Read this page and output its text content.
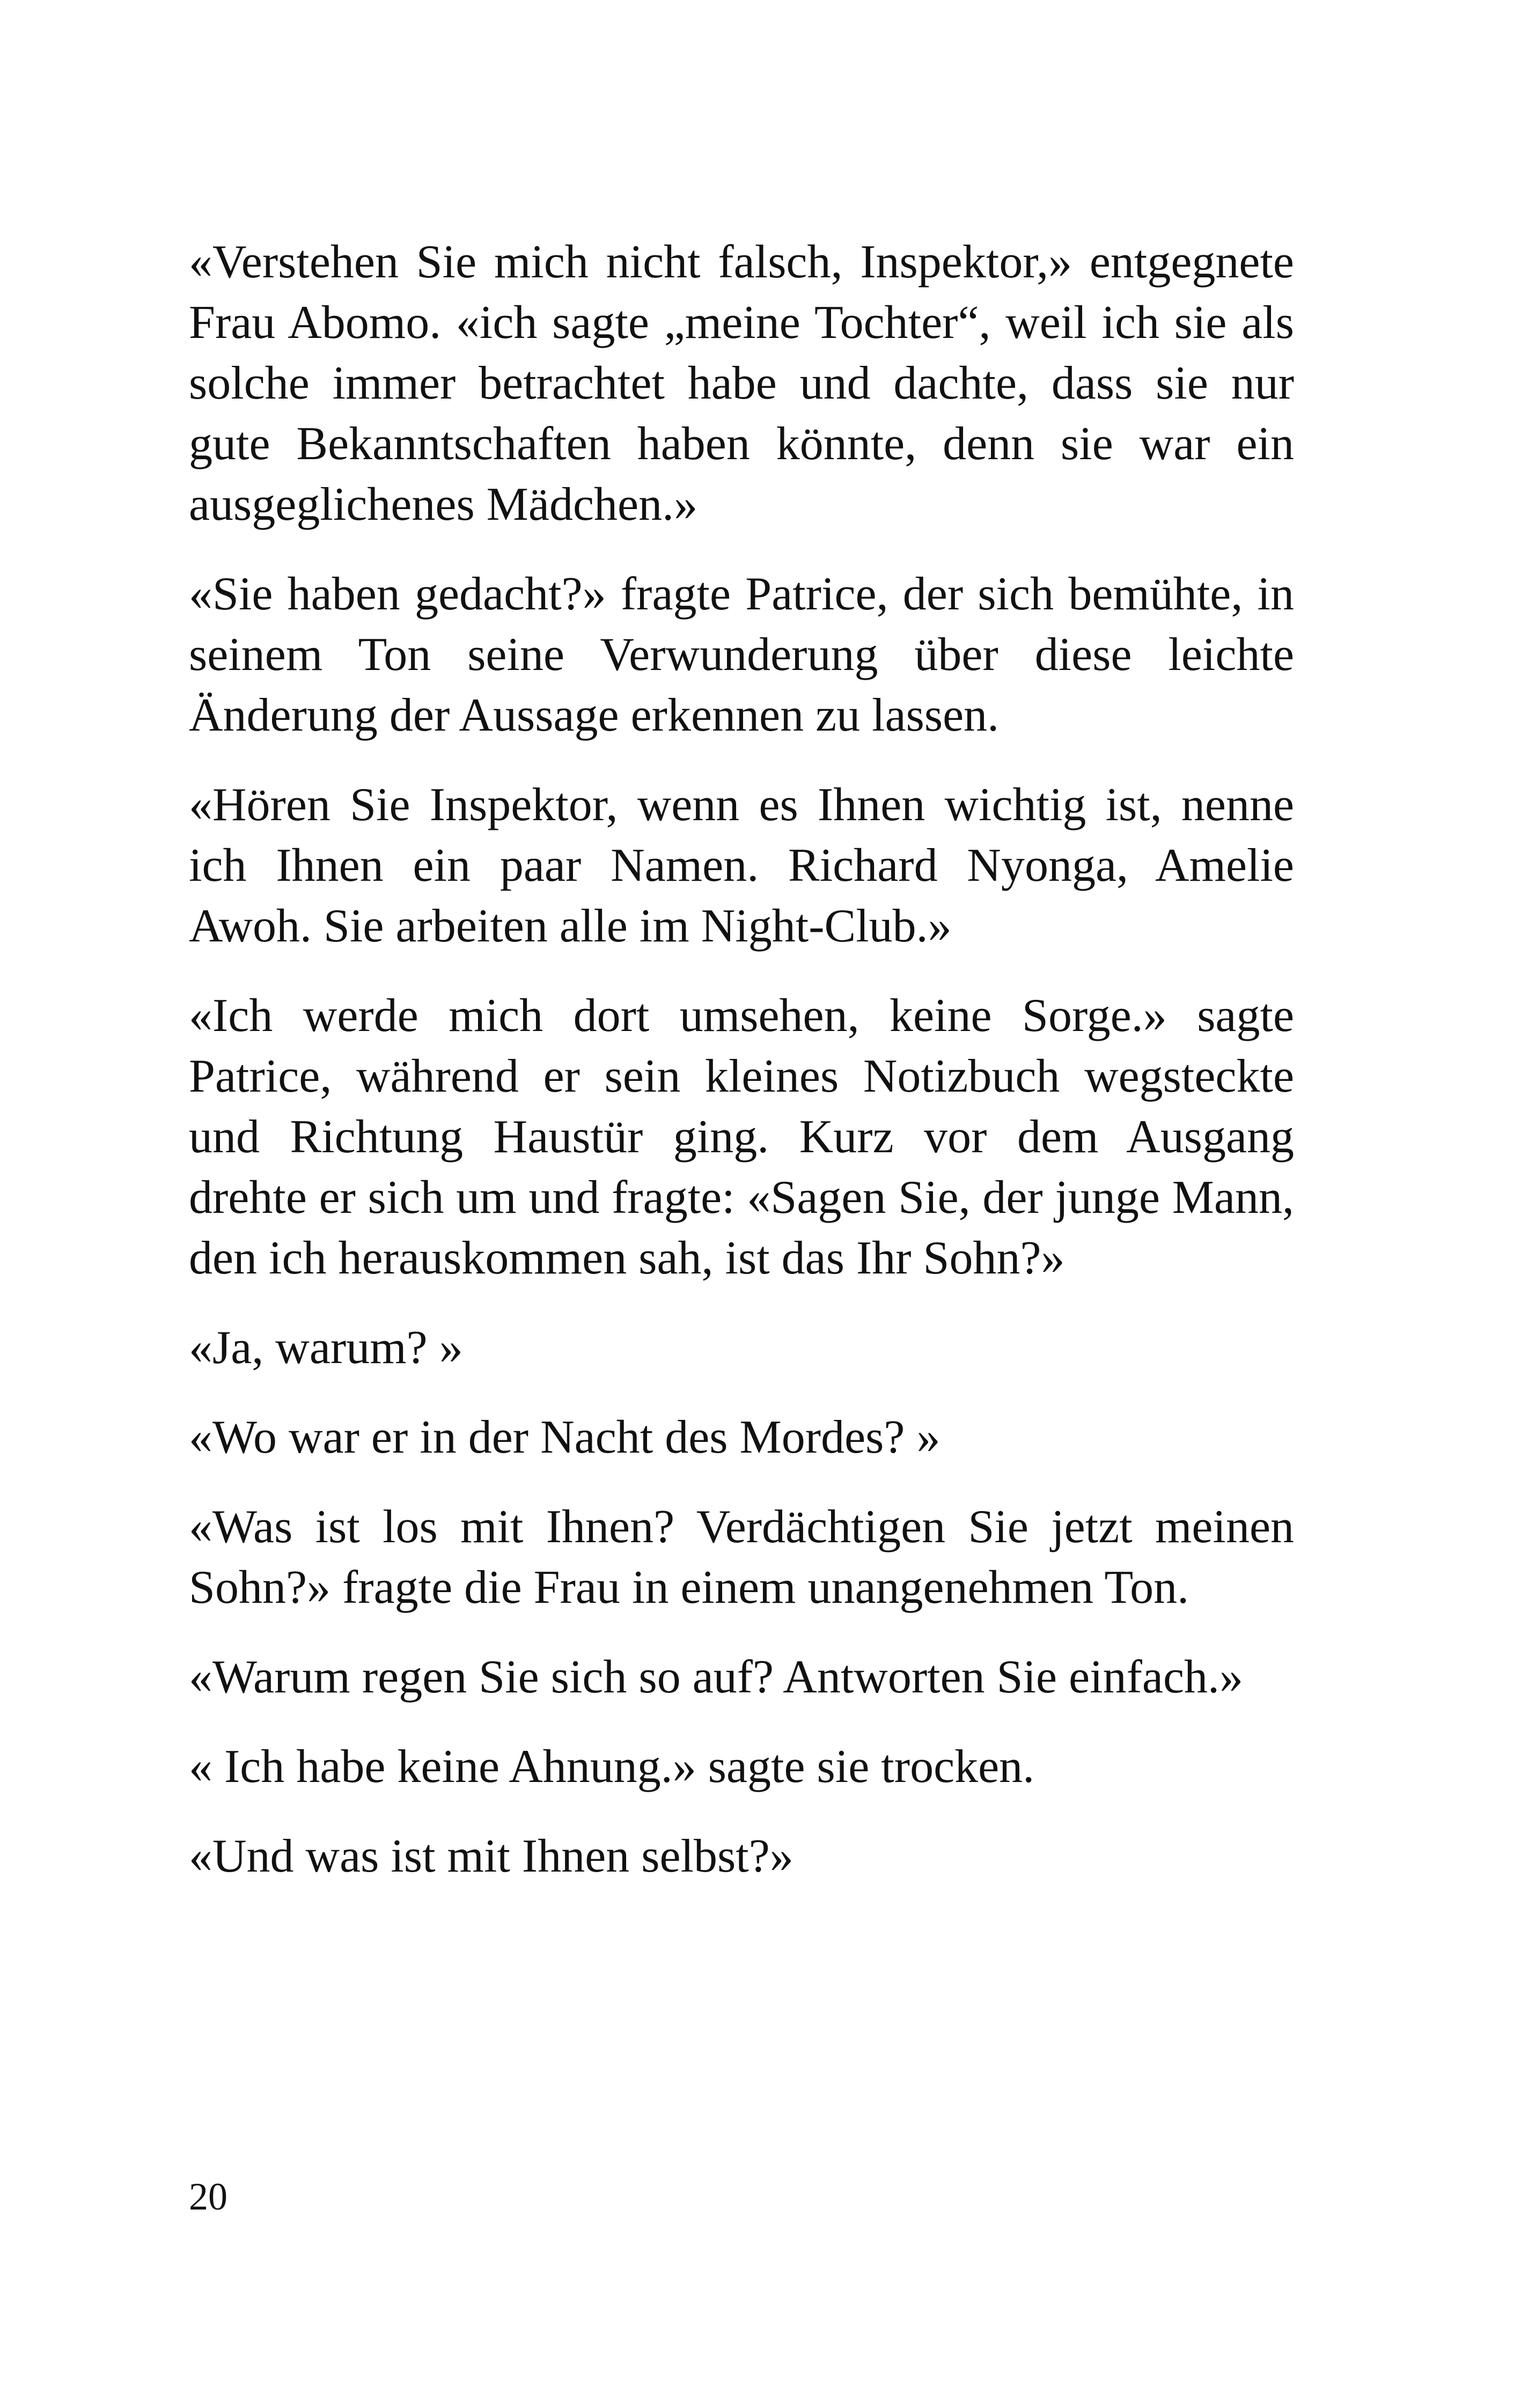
«Verstehen Sie mich nicht falsch, Inspektor,» entgegnete Frau Abomo. «ich sagte „meine Tochter“, weil ich sie als solche immer betrachtet habe und dachte, dass sie nur gute Bekanntschaften haben könnte, denn sie war ein ausgeglichenes Mädchen.»

«Sie haben gedacht?» fragte Patrice, der sich bemühte, in seinem Ton seine Verwunderung über diese leichte Änderung der Aussage erkennen zu lassen.

«Hören Sie Inspektor, wenn es Ihnen wichtig ist, nenne ich Ihnen ein paar Namen. Richard Nyonga, Amelie Awoh. Sie arbeiten alle im Night-Club.»

«Ich werde mich dort umsehen, keine Sorge.» sagte Patrice, während er sein kleines Notizbuch wegsteckte und Richtung Haustür ging. Kurz vor dem Ausgang drehte er sich um und fragte: «Sagen Sie, der junge Mann, den ich herauskommen sah, ist das Ihr Sohn?»

«Ja, warum? »

«Wo war er in der Nacht des Mordes? »

«Was ist los mit Ihnen? Verdächtigen Sie jetzt meinen Sohn?» fragte die Frau in einem unangenehmen Ton.

«Warum regen Sie sich so auf? Antworten Sie einfach.»

« Ich habe keine Ahnung.» sagte sie trocken.

«Und was ist mit Ihnen selbst?»

20
